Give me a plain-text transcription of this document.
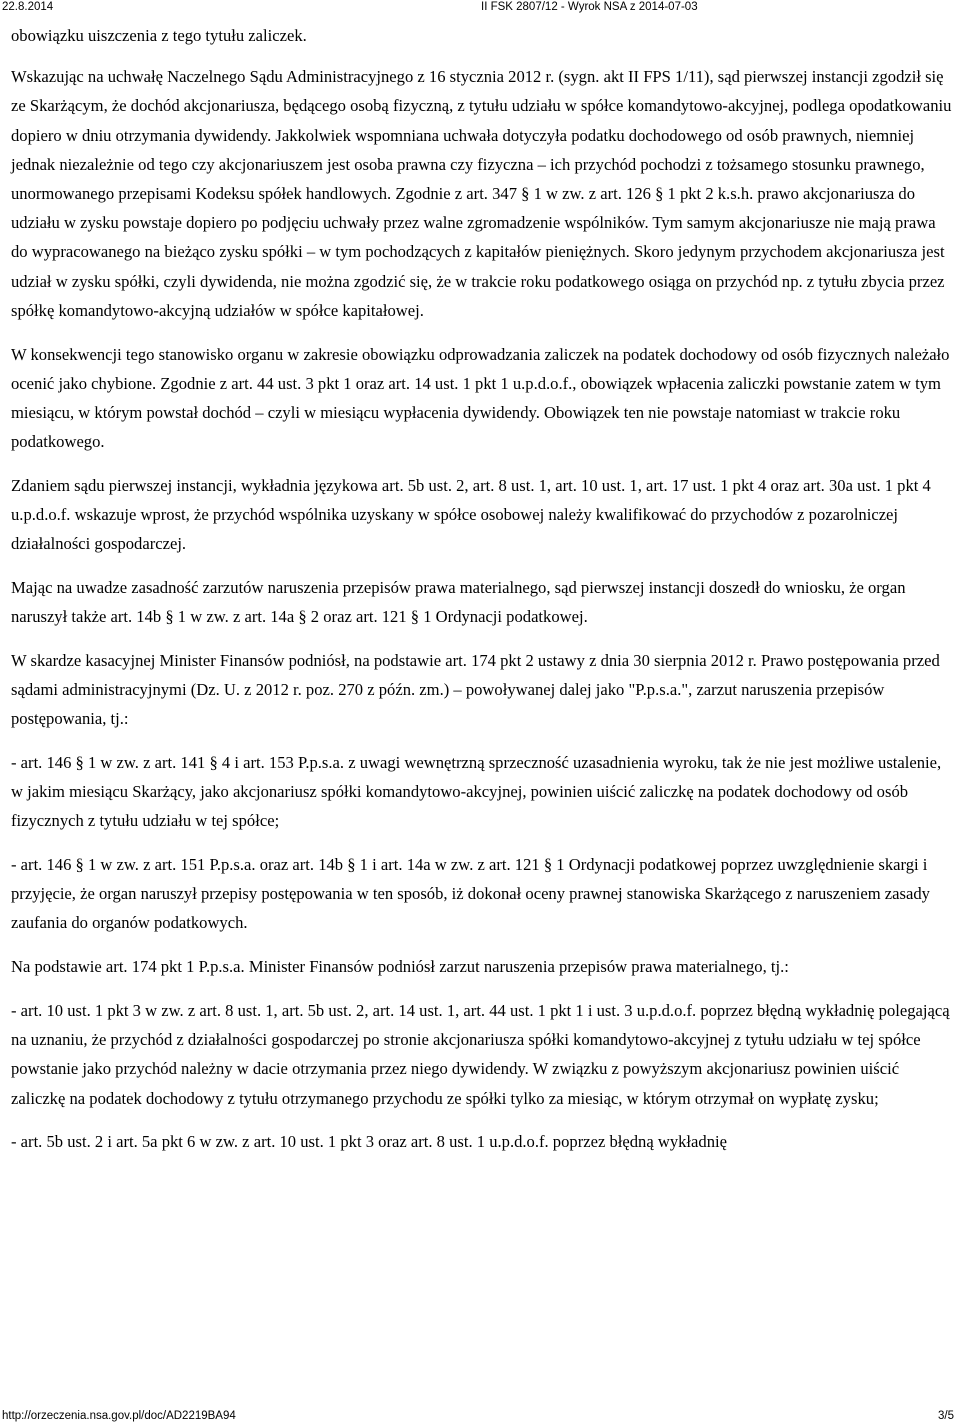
22.8.2014	II FSK 2807/12 - Wyrok NSA z 2014-07-03

obowiązku uiszczenia z tego tytułu zaliczek.

Wskazując na uchwałę Naczelnego Sądu Administracyjnego z 16 stycznia 2012 r. (sygn. akt II FPS 1/11), sąd pierwszej instancji zgodził się ze Skarżącym, że dochód akcjonariusza, będącego osobą fizyczną, z tytułu udziału w spółce komandytowo-akcyjnej, podlega opodatkowaniu dopiero w dniu otrzymania dywidendy. Jakkolwiek wspomniana uchwała dotyczyła podatku dochodowego od osób prawnych, niemniej jednak niezależnie od tego czy akcjonariuszem jest osoba prawna czy fizyczna – ich przychód pochodzi z tożsamego stosunku prawnego, unormowanego przepisami Kodeksu spółek handlowych. Zgodnie z art. 347 § 1 w zw. z art. 126 § 1 pkt 2 k.s.h. prawo akcjonariusza do udziału w zysku powstaje dopiero po podjęciu uchwały przez walne zgromadzenie wspólników. Tym samym akcjonariusze nie mają prawa do wypracowanego na bieżąco zysku spółki – w tym pochodzących z kapitałów pieniężnych. Skoro jedynym przychodem akcjonariusza jest udział w zysku spółki, czyli dywidenda, nie można zgodzić się, że w trakcie roku podatkowego osiąga on przychód np. z tytułu zbycia przez spółkę komandytowo-akcyjną udziałów w spółce kapitałowej.

W konsekwencji tego stanowisko organu w zakresie obowiązku odprowadzania zaliczek na podatek dochodowy od osób fizycznych należało ocenić jako chybione. Zgodnie z art. 44 ust. 3 pkt 1 oraz art. 14 ust. 1 pkt 1 u.p.d.o.f., obowiązek wpłacenia zaliczki powstanie zatem w tym miesiącu, w którym powstał dochód – czyli w miesiącu wypłacenia dywidendy. Obowiązek ten nie powstaje natomiast w trakcie roku podatkowego.

Zdaniem sądu pierwszej instancji, wykładnia językowa art. 5b ust. 2, art. 8 ust. 1, art. 10 ust. 1, art. 17 ust. 1 pkt 4 oraz art. 30a ust. 1 pkt 4 u.p.d.o.f. wskazuje wprost, że przychód wspólnika uzyskany w spółce osobowej należy kwalifikować do przychodów z pozarolniczej działalności gospodarczej.

Mając na uwadze zasadność zarzutów naruszenia przepisów prawa materialnego, sąd pierwszej instancji doszedł do wniosku, że organ naruszył także art. 14b § 1 w zw. z art. 14a § 2 oraz art. 121 § 1 Ordynacji podatkowej.

W skardze kasacyjnej Minister Finansów podniósł, na podstawie art. 174 pkt 2 ustawy z dnia 30 sierpnia 2012 r. Prawo postępowania przed sądami administracyjnymi (Dz. U. z 2012 r. poz. 270 z późn. zm.) – powoływanej dalej jako "P.p.s.a.", zarzut naruszenia przepisów postępowania, tj.:

- art. 146 § 1 w zw. z art. 141 § 4 i art. 153 P.p.s.a. z uwagi wewnętrzną sprzeczność uzasadnienia wyroku, tak że nie jest możliwe ustalenie, w jakim miesiącu Skarżący, jako akcjonariusz spółki komandytowo-akcyjnej, powinien uiścić zaliczkę na podatek dochodowy od osób fizycznych z tytułu udziału w tej spółce;

- art. 146 § 1 w zw. z art. 151 P.p.s.a. oraz art. 14b § 1 i art. 14a w zw. z art. 121 § 1 Ordynacji podatkowej poprzez uwzględnienie skargi i przyjęcie, że organ naruszył przepisy postępowania w ten sposób, iż dokonał oceny prawnej stanowiska Skarżącego z naruszeniem zasady zaufania do organów podatkowych.

Na podstawie art. 174 pkt 1 P.p.s.a. Minister Finansów podniósł zarzut naruszenia przepisów prawa materialnego, tj.:

- art. 10 ust. 1 pkt 3 w zw. z art. 8 ust. 1, art. 5b ust. 2, art. 14 ust. 1, art. 44 ust. 1 pkt 1 i ust. 3 u.p.d.o.f. poprzez błędną wykładnię polegającą na uznaniu, że przychód z działalności gospodarczej po stronie akcjonariusza spółki komandytowo-akcyjnej z tytułu udziału w tej spółce powstanie jako przychód należny w dacie otrzymania przez niego dywidendy. W związku z powyższym akcjonariusz powinien uiścić zaliczkę na podatek dochodowy z tytułu otrzymanego przychodu ze spółki tylko za miesiąc, w którym otrzymał on wypłatę zysku;

- art. 5b ust. 2 i art. 5a pkt 6 w zw. z art. 10 ust. 1 pkt 3 oraz art. 8 ust. 1 u.p.d.o.f. poprzez błędną wykładnię

http://orzeczenia.nsa.gov.pl/doc/AD2219BA94	3/5
